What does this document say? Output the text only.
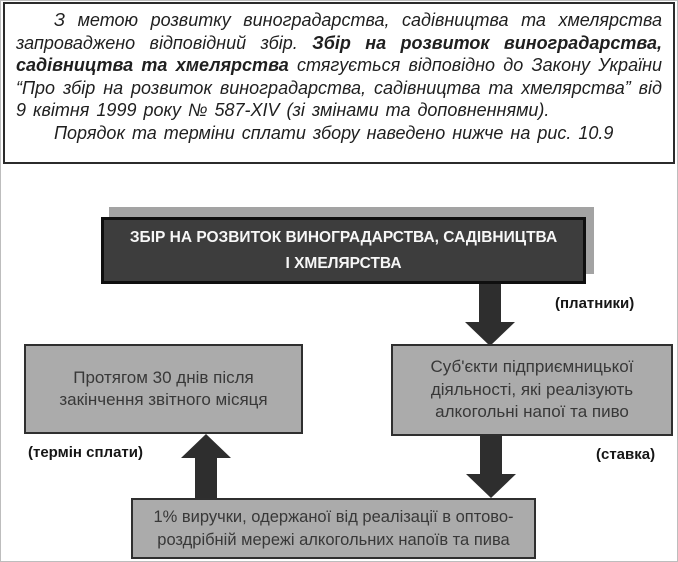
З метою розвитку виноградарства, садівництва та хмелярства запроваджено відповідний збір. Збір на розвиток виноградарства, садівництва та хмелярства стягується відповідно до Закону України “Про збір на розвиток виноградарства, садівництва та хмелярства” від 9 квітня 1999 року № 587-XIV (зі змінами та доповненнями).

Порядок та терміни сплати збору наведено нижче на рис. 10.9

ЗБІР НА РОЗВИТОК ВИНОГРАДАРСТВА, САДІВНИЦТВА
І ХМЕЛЯРСТВА
(платники)
Протягом 30 днів після
закінчення звітного місяця
Суб'єкти підприємницької
діяльності, які реалізують
алкогольні напої та пиво
(термін сплати)	(ставка)
1% виручки, одержаної від реалізації в оптово-
роздрібній мережі алкогольних напоїв та пива
